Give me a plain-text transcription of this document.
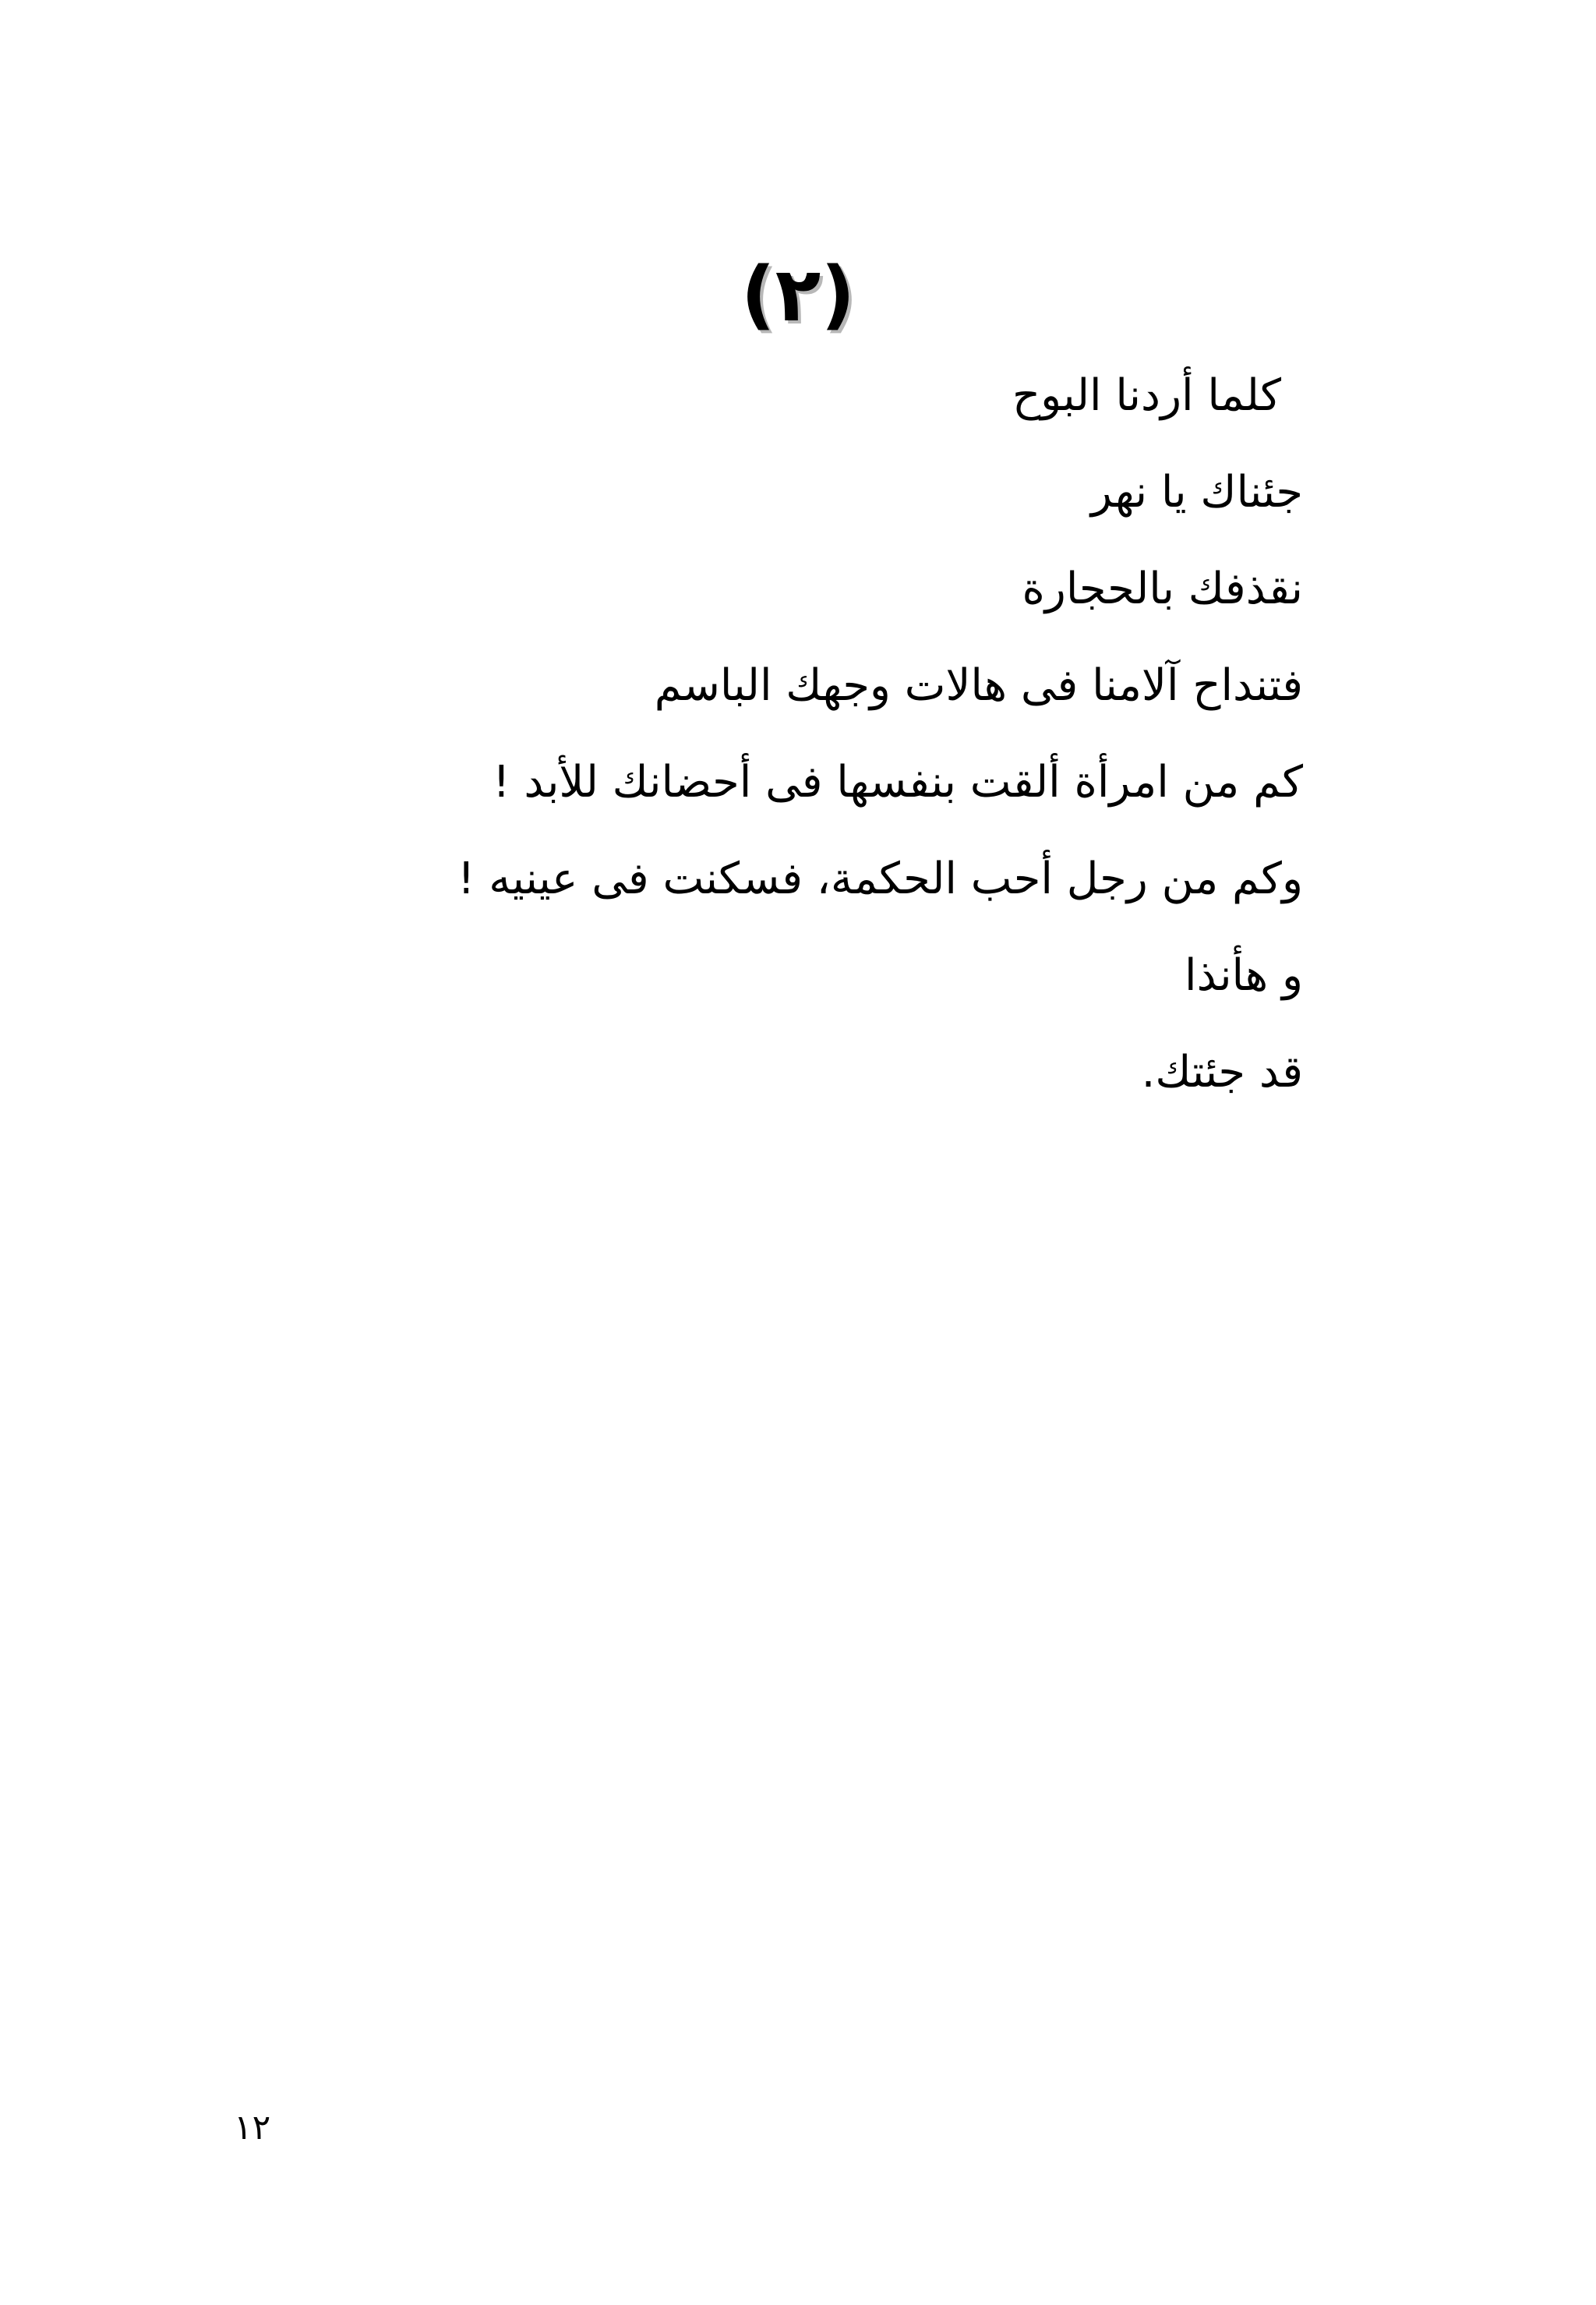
(٢)
كلما أردنا البوح
جئناك يا نهر
نقذفك بالحجارة
فتنداح آلامنا فى هالات وجهك الباسم
كم من امرأة ألقت بنفسها فى أحضانك للأبد !
وكم من رجل أحب الحكمة، فسكنت فى عينيه !
و هأنذا
قد جئتك.
١٢
